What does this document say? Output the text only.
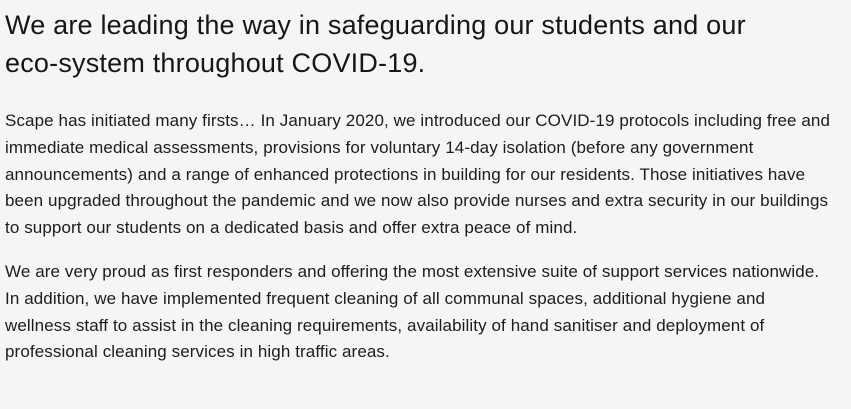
We are leading the way in safeguarding our students and our eco-system throughout COVID-19.

Scape has initiated many firsts… In January 2020, we introduced our COVID-19 protocols including free and immediate medical assessments, provisions for voluntary 14-day isolation (before any government announcements) and a range of enhanced protections in building for our residents. Those initiatives have been upgraded throughout the pandemic and we now also provide nurses and extra security in our buildings to support our students on a dedicated basis and offer extra peace of mind.

We are very proud as first responders and offering the most extensive suite of support services nationwide. In addition, we have implemented frequent cleaning of all communal spaces, additional hygiene and wellness staff to assist in the cleaning requirements, availability of hand sanitiser and deployment of professional cleaning services in high traffic areas.
